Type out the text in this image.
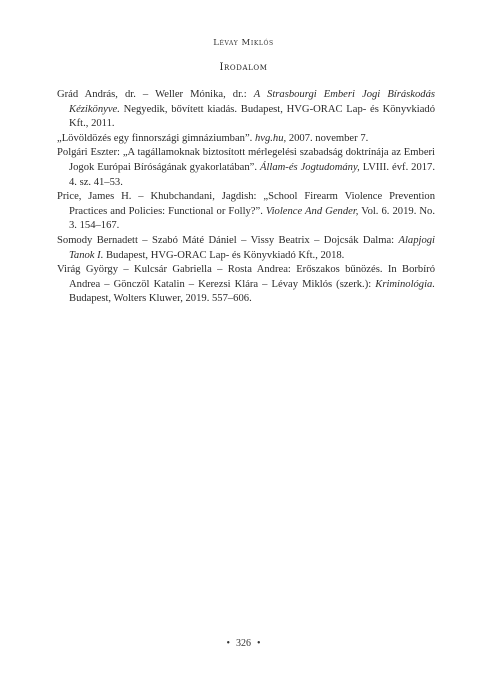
Lévay Miklós
Irodalom

Grád András, dr. – Weller Mónika, dr.: A Strasbourgi Emberi Jogi Bíráskodás Kézikönyve. Negyedik, bővített kiadás. Budapest, HVG-ORAC Lap- és Könyvkiadó Kft., 2011.

„Lövöldözés egy finnországi gimnáziumban”. hvg.hu, 2007. november 7.

Polgári Eszter: „A tagállamoknak biztosított mérlegelési szabadság doktrínája az Emberi Jogok Európai Bíróságának gyakorlatában”. Állam-és Jogtudomány, LVIII. évf. 2017. 4. sz. 41–53.

Price, James H. – Khubchandani, Jagdish: „School Firearm Violence Prevention Practices and Policies: Functional or Folly?”. Violence And Gender, Vol. 6. 2019. No. 3. 154–167.

Somody Bernadett – Szabó Máté Dániel – Vissy Beatrix – Dojcsák Dalma: Alapjogi Tanok I. Budapest, HVG-ORAC Lap- és Könyvkiadó Kft., 2018.

Virág György – Kulcsár Gabriella – Rosta Andrea: Erőszakos bűnözés. In Borbíró Andrea – Gönczöl Katalin – Kerezsi Klára – Lévay Miklós (szerk.): Kriminológia. Budapest, Wolters Kluwer, 2019. 557–606.

• 326 •
